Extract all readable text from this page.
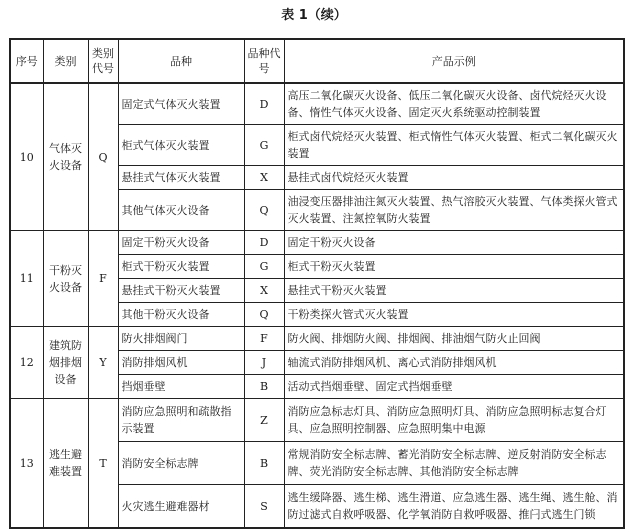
表 1（续）
序号	类别	类别代号	品种	品种代号	产品示例
10	气体灭火设备	Q	固定式气体灭火装置	D	高压二氧化碳灭火设备、低压二氧化碳灭火设备、卤代烷烃灭火设备、惰性气体灭火设备、固定灭火系统驱动控制装置
			柜式气体灭火装置	G	柜式卤代烷烃灭火装置、柜式惰性气体灭火装置、柜式二氧化碳灭火装置
			悬挂式气体灭火装置	X	悬挂式卤代烷烃灭火装置
			其他气体灭火设备	Q	油浸变压器排油注氮灭火装置、热气溶胶灭火装置、气体类探火管式灭火装置、注氮控氧防火装置
11	干粉灭火设备	F	固定干粉灭火设备	D	固定干粉灭火设备
			柜式干粉灭火装置	G	柜式干粉灭火装置
			悬挂式干粉灭火装置	X	悬挂式干粉灭火装置
			其他干粉灭火设备	Q	干粉类探火管式灭火装置
12	建筑防烟排烟设备	Y	防火排烟阀门	F	防火阀、排烟防火阀、排烟阀、排油烟气防火止回阀
			消防排烟风机	J	轴流式消防排烟风机、离心式消防排烟风机
			挡烟垂壁	B	活动式挡烟垂壁、固定式挡烟垂壁
13	逃生避难装置	T	消防应急照明和疏散指示装置	Z	消防应急标志灯具、消防应急照明灯具、消防应急照明标志复合灯具、应急照明控制器、应急照明集中电源
			消防安全标志牌	B	常规消防安全标志牌、蓄光消防安全标志牌、逆反射消防安全标志牌、荧光消防安全标志牌、其他消防安全标志牌
			火灾逃生避难器材	S	逃生缓降器、逃生梯、逃生滑道、应急逃生器、逃生绳、逃生舱、消防过滤式自救呼吸器、化学氧消防自救呼吸器、推闩式逃生门锁
